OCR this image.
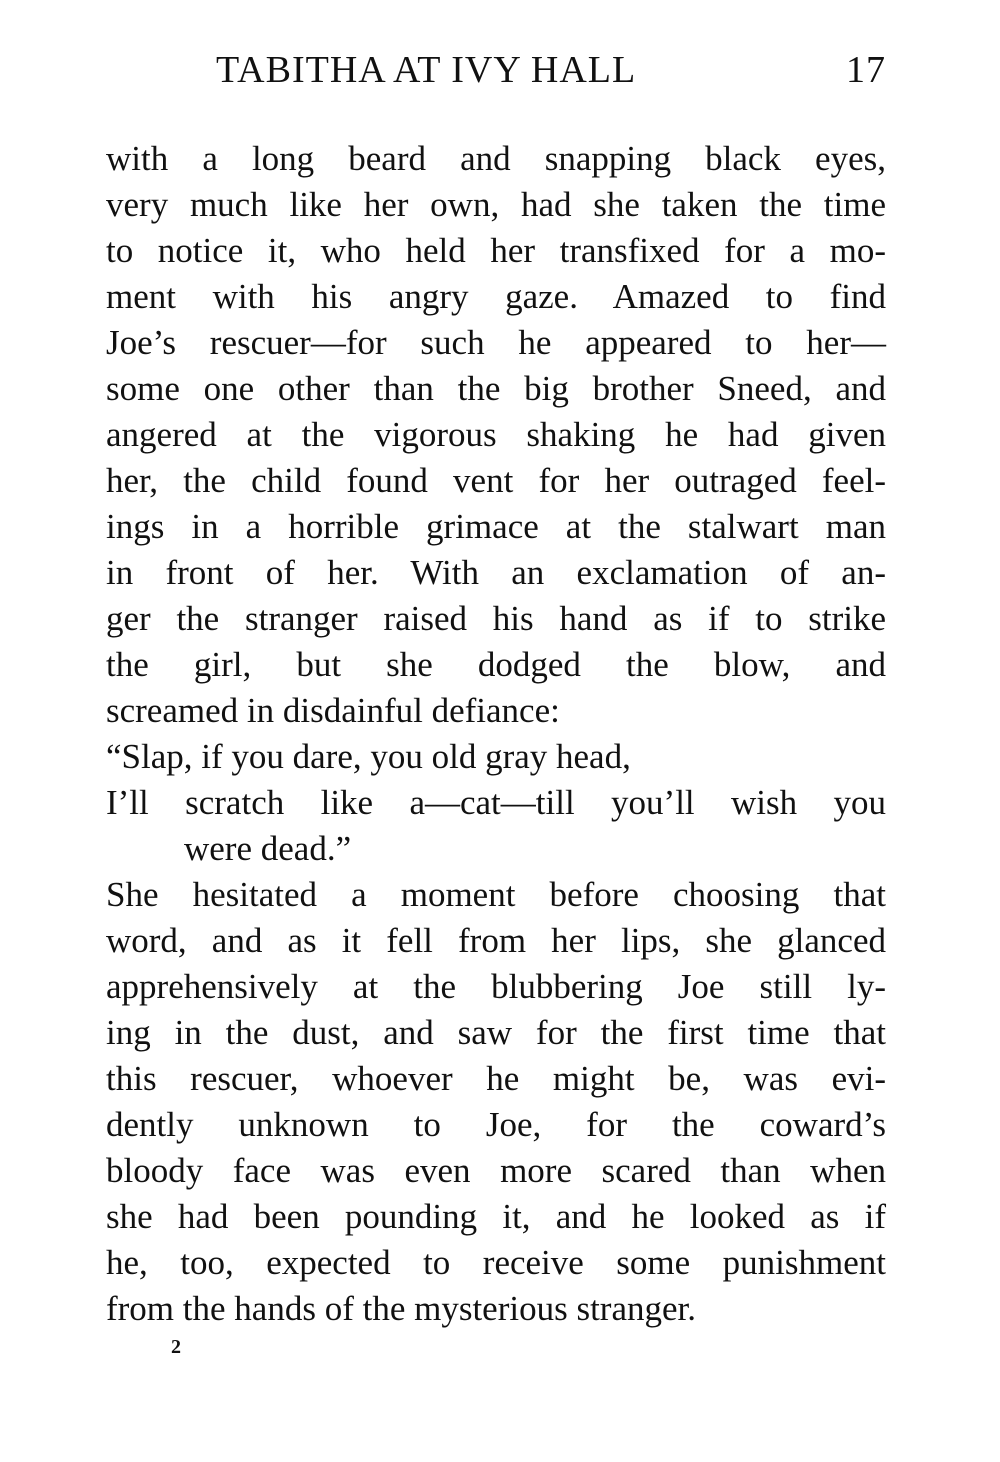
TABITHA AT IVY HALL	17
with a long beard and snapping black eyes,
very much like her own, had she taken the time
to notice it, who held her transfixed for a mo-
ment with his angry gaze. Amazed to find
Joe’s rescuer—for such he appeared to her—
some one other than the big brother Sneed, and
angered at the vigorous shaking he had given
her, the child found vent for her outraged feel-
ings in a horrible grimace at the stalwart man
in front of her. With an exclamation of an-
ger the stranger raised his hand as if to strike
the girl, but she dodged the blow, and
screamed in disdainful defiance:
“Slap, if you dare, you old gray head,
I’ll scratch like a—cat—till you’ll wish you
were dead.”
She hesitated a moment before choosing that
word, and as it fell from her lips, she glanced
apprehensively at the blubbering Joe still ly-
ing in the dust, and saw for the first time that
this rescuer, whoever he might be, was evi-
dently unknown to Joe, for the coward’s
bloody face was even more scared than when
she had been pounding it, and he looked as if
he, too, expected to receive some punishment
from the hands of the mysterious stranger.
2
